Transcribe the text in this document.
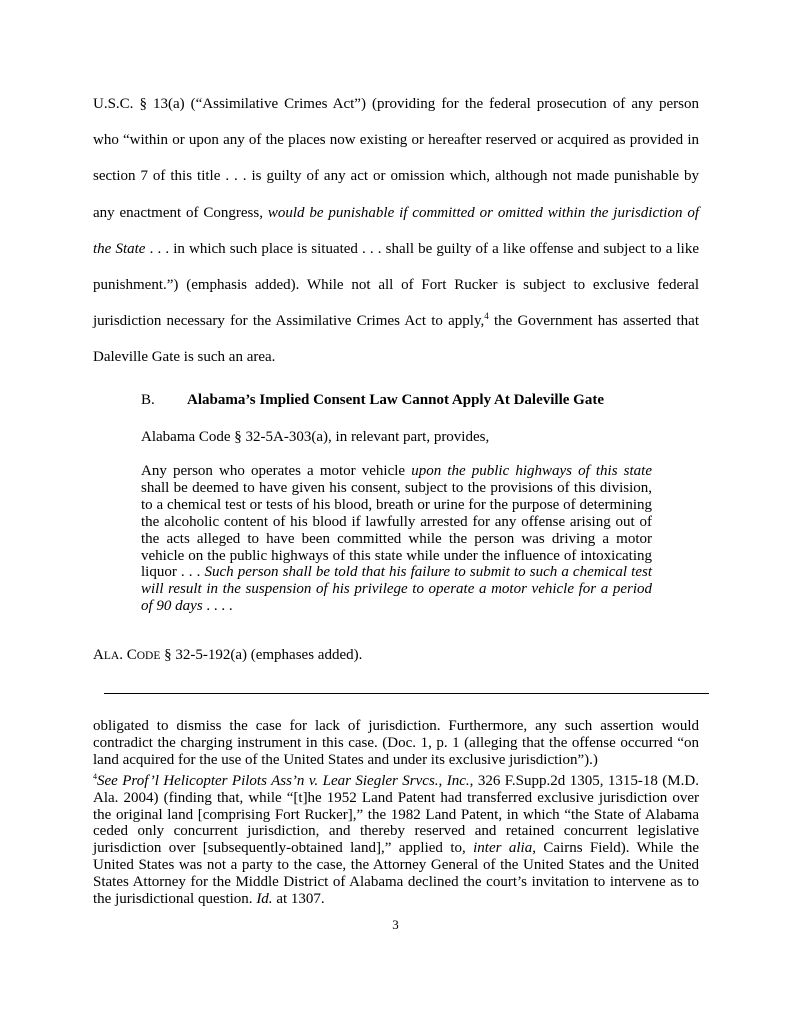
U.S.C. § 13(a) (“Assimilative Crimes Act”) (providing for the federal prosecution of any person who “within or upon any of the places now existing or hereafter reserved or acquired as provided in section 7 of this title . . . is guilty of any act or omission which, although not made punishable by any enactment of Congress, would be punishable if committed or omitted within the jurisdiction of the State . . . in which such place is situated . . . shall be guilty of a like offense and subject to a like punishment.”) (emphasis added). While not all of Fort Rucker is subject to exclusive federal jurisdiction necessary for the Assimilative Crimes Act to apply,$^4$ the Government has asserted that Daleville Gate is such an area.

B. Alabama’s Implied Consent Law Cannot Apply At Daleville Gate

Alabama Code § 32-5A-303(a), in relevant part, provides,

Any person who operates a motor vehicle upon the public highways of this state shall be deemed to have given his consent, subject to the provisions of this division, to a chemical test or tests of his blood, breath or urine for the purpose of determining the alcoholic content of his blood if lawfully arrested for any offense arising out of the acts alleged to have been committed while the person was driving a motor vehicle on the public highways of this state while under the influence of intoxicating liquor . . . Such person shall be told that his failure to submit to such a chemical test will result in the suspension of his privilege to operate a motor vehicle for a period of 90 days . . . .

ALA. CODE § 32-5-192(a) (emphases added).

obligated to dismiss the case for lack of jurisdiction. Furthermore, any such assertion would contradict the charging instrument in this case. (Doc. 1, p. 1 (alleging that the offense occurred “on land acquired for the use of the United States and under its exclusive jurisdiction”).)

$^4$See Prof’l Helicopter Pilots Ass’n v. Lear Siegler Srvcs., Inc., 326 F.Supp.2d 1305, 1315-18 (M.D. Ala. 2004) (finding that, while “[t]he 1952 Land Patent had transferred exclusive jurisdiction over the original land [comprising Fort Rucker],” the 1982 Land Patent, in which “the State of Alabama ceded only concurrent jurisdiction, and thereby reserved and retained concurrent legislative jurisdiction over [subsequently-obtained land],” applied to, inter alia, Cairns Field). While the United States was not a party to the case, the Attorney General of the United States and the United States Attorney for the Middle District of Alabama declined the court’s invitation to intervene as to the jurisdictional question. Id. at 1307.

3
